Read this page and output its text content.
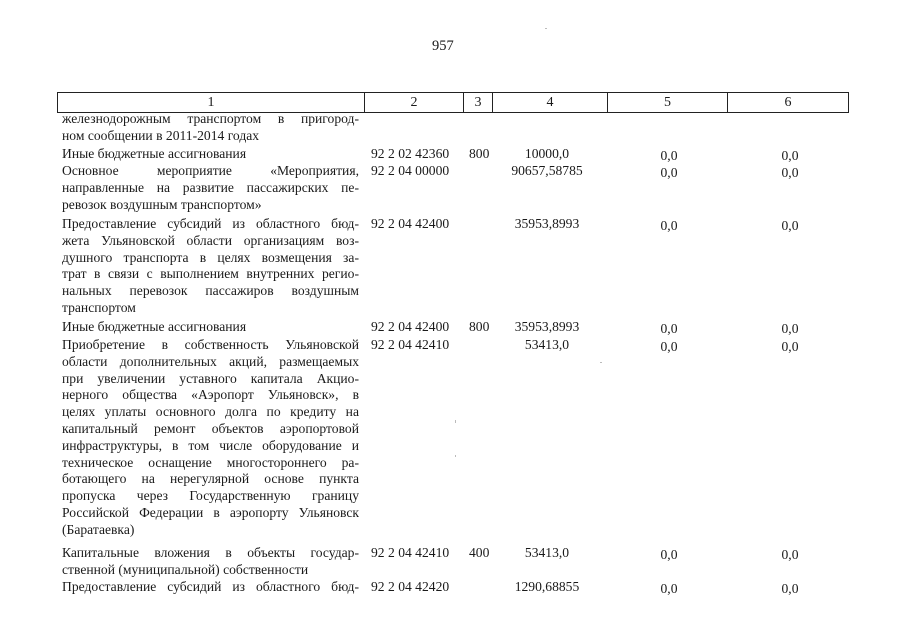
957
1	2	3	4	5	6
железнодорожным транспортом в пригород-
ном сообщении в 2011-2014 годах
Иные бюджетные ассигнования	92 2 02 42360 800	10000,0	0,0	0,0
Основное мероприятие «Мероприятия,
направленные на развитие пассажирских пе-
ревозок воздушным транспортом»
92 2 04 00000	90657,58785	0,0	0,0
Предоставление субсидий из областного бюд-
жета Ульяновской области организациям воз-
душного транспорта в целях возмещения за-
трат в связи с выполнением внутренних регио-
нальных перевозок пассажиров воздушным
транспортом
92 2 04 42400	35953,8993	0,0	0,0
Иные бюджетные ассигнования	92 2 04 42400 800	35953,8993	0,0	0,0
Приобретение в собственность Ульяновской
области дополнительных акций, размещаемых
при увеличении уставного капитала Акцио-
нерного общества «Аэропорт Ульяновск», в
целях уплаты основного долга по кредиту на
капитальный ремонт объектов аэропортовой
инфраструктуры, в том числе оборудование и
техническое оснащение многостороннего ра-
ботающего на нерегулярной основе пункта
пропуска через Государственную границу
Российской Федерации в аэропорту Ульяновск
(Баратаевка)
92 2 04 42410	53413,0	0,0	0,0
Капитальные вложения в объекты государ-
ственной (муниципальной) собственности
92 2 04 42410 400	53413,0	0,0	0,0
Предоставление субсидий из областного бюд- 92 2 04 42420	1290,68855	0,0	0,0
